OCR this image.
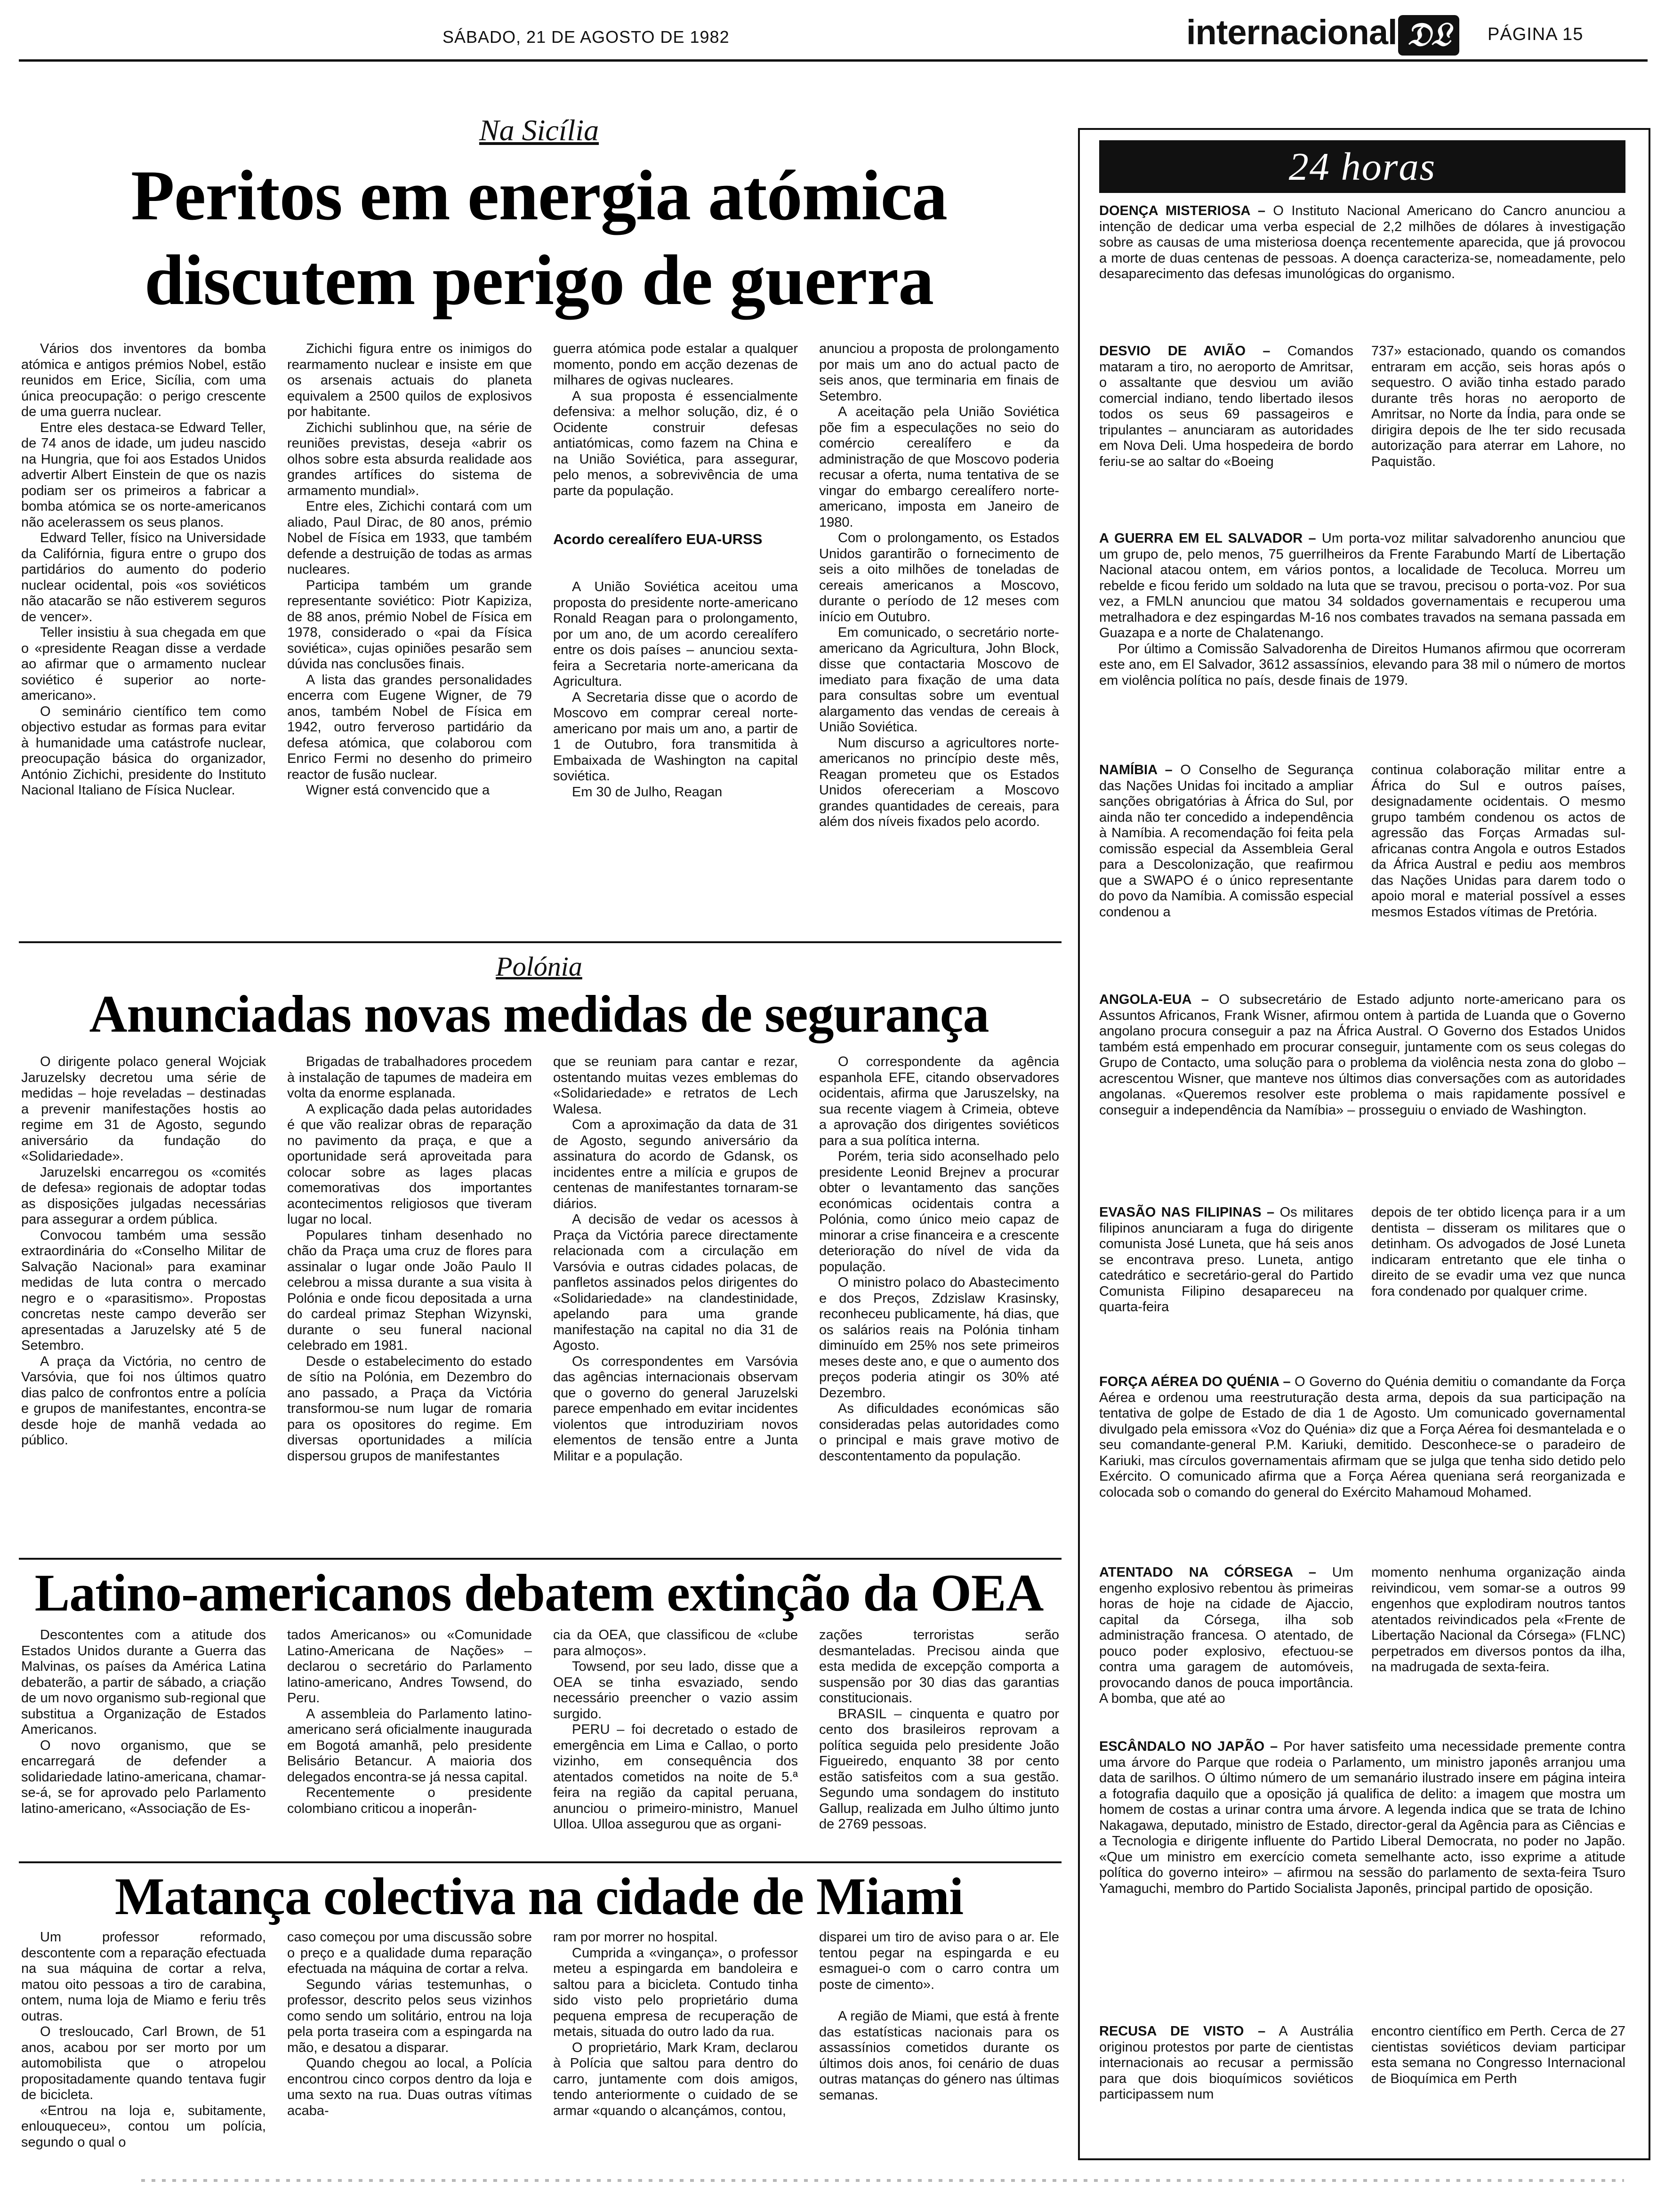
SÁBADO, 21 DE AGOSTO DE 1982	internacional 𝔇𝔏	PÁGINA 15
Na Sicília
Peritos em energia atómica
discutem perigo de guerra

Vários dos inventores da bomba atómica e antigos prémios Nobel, estão reunidos em Erice, Sicília, com uma única preocupação: o perigo crescente de uma guerra nuclear.

Entre eles destaca-se Edward Teller, de 74 anos de idade, um judeu nascido na Hungria, que foi aos Estados Unidos advertir Albert Einstein de que os nazis podiam ser os primeiros a fabricar a bomba atómica se os norte-americanos não acelerassem os seus planos.

Edward Teller, físico na Universidade da Califórnia, figura entre o grupo dos partidários do aumento do poderio nuclear ocidental, pois «os soviéticos não atacarão se não estiverem seguros de vencer».

Teller insistiu à sua chegada em que o «presidente Reagan disse a verdade ao afirmar que o armamento nuclear soviético é superior ao norte-americano».

O seminário científico tem como objectivo estudar as formas para evitar à humanidade uma catástrofe nuclear, preocupação básica do organizador, António Zichichi, presidente do Instituto Nacional Italiano de Física Nuclear.

Zichichi figura entre os inimigos do rearmamento nuclear e insiste em que os arsenais actuais do planeta equivalem a 2500 quilos de explosivos por habitante.

Zichichi sublinhou que, na série de reuniões previstas, deseja «abrir os olhos sobre esta absurda realidade aos grandes artífices do sistema de armamento mundial».

Entre eles, Zichichi contará com um aliado, Paul Dirac, de 80 anos, prémio Nobel de Física em 1933, que também defende a destruição de todas as armas nucleares.

Participa também um grande representante soviético: Piotr Kapiziza, de 88 anos, prémio Nobel de Física em 1978, considerado o «pai da Física soviética», cujas opiniões pesarão sem dúvida nas conclusões finais.

A lista das grandes personalidades encerra com Eugene Wigner, de 79 anos, também Nobel de Física em 1942, outro ferveroso partidário da defesa atómica, que colaborou com Enrico Fermi no desenho do primeiro reactor de fusão nuclear.

Wigner está convencido que a

guerra atómica pode estalar a qualquer momento, pondo em acção dezenas de milhares de ogivas nucleares.

A sua proposta é essencialmente defensiva: a melhor solução, diz, é o Ocidente construir defesas antiatómicas, como fazem na China e na União Soviética, para assegurar, pelo menos, a sobrevivência de uma parte da população.

Acordo cerealífero EUA-URSS

A União Soviética aceitou uma proposta do presidente norte-americano Ronald Reagan para o prolongamento, por um ano, de um acordo cerealífero entre os dois países – anunciou sexta-feira a Secretaria norte-americana da Agricultura.

A Secretaria disse que o acordo de Moscovo em comprar cereal norte-americano por mais um ano, a partir de 1 de Outubro, fora transmitida à Embaixada de Washington na capital soviética.

Em 30 de Julho, Reagan

anunciou a proposta de prolongamento por mais um ano do actual pacto de seis anos, que terminaria em finais de Setembro.

A aceitação pela União Soviética põe fim a especulações no seio do comércio cerealífero e da administração de que Moscovo poderia recusar a oferta, numa tentativa de se vingar do embargo cerealífero norte-americano, imposta em Janeiro de 1980.

Com o prolongamento, os Estados Unidos garantirão o fornecimento de seis a oito milhões de toneladas de cereais americanos a Moscovo, durante o período de 12 meses com início em Outubro.

Em comunicado, o secretário norte-americano da Agricultura, John Block, disse que contactaria Moscovo de imediato para fixação de uma data para consultas sobre um eventual alargamento das vendas de cereais à União Soviética.

Num discurso a agricultores norte-americanos no princípio deste mês, Reagan prometeu que os Estados Unidos ofereceriam a Moscovo grandes quantidades de cereais, para além dos níveis fixados pelo acordo.

Polónia
Anunciadas novas medidas de segurança

O dirigente polaco general Wojciak Jaruzelsky decretou uma série de medidas – hoje reveladas – destinadas a prevenir manifestações hostis ao regime em 31 de Agosto, segundo aniversário da fundação do «Solidariedade».

Jaruzelski encarregou os «comités de defesa» regionais de adoptar todas as disposições julgadas necessárias para assegurar a ordem pública.

Convocou também uma sessão extraordinária do «Conselho Militar de Salvação Nacional» para examinar medidas de luta contra o mercado negro e o «parasitismo». Propostas concretas neste campo deverão ser apresentadas a Jaruzelsky até 5 de Setembro.

A praça da Victória, no centro de Varsóvia, que foi nos últimos quatro dias palco de confrontos entre a polícia e grupos de manifestantes, encontra-se desde hoje de manhã vedada ao público.

Brigadas de trabalhadores procedem à instalação de tapumes de madeira em volta da enorme esplanada.

A explicação dada pelas autoridades é que vão realizar obras de reparação no pavimento da praça, e que a oportunidade será aproveitada para colocar sobre as lages placas comemorativas dos importantes acontecimentos religiosos que tiveram lugar no local.

Populares tinham desenhado no chão da Praça uma cruz de flores para assinalar o lugar onde João Paulo II celebrou a missa durante a sua visita à Polónia e onde ficou depositada a urna do cardeal primaz Stephan Wizynski, durante o seu funeral nacional celebrado em 1981.

Desde o estabelecimento do estado de sítio na Polónia, em Dezembro do ano passado, a Praça da Victória transformou-se num lugar de romaria para os opositores do regime. Em diversas oportunidades a milícia dispersou grupos de manifestantes

que se reuniam para cantar e rezar, ostentando muitas vezes emblemas do «Solidariedade» e retratos de Lech Walesa.

Com a aproximação da data de 31 de Agosto, segundo aniversário da assinatura do acordo de Gdansk, os incidentes entre a milícia e grupos de centenas de manifestantes tornaram-se diários.

A decisão de vedar os acessos à Praça da Victória parece directamente relacionada com a circulação em Varsóvia e outras cidades polacas, de panfletos assinados pelos dirigentes do «Solidariedade» na clandestinidade, apelando para uma grande manifestação na capital no dia 31 de Agosto.

Os correspondentes em Varsóvia das agências internacionais observam que o governo do general Jaruzelski parece empenhado em evitar incidentes violentos que introduziriam novos elementos de tensão entre a Junta Militar e a população.

O correspondente da agência espanhola EFE, citando observadores ocidentais, afirma que Jaruszelsky, na sua recente viagem à Crimeia, obteve a aprovação dos dirigentes soviéticos para a sua política interna.

Porém, teria sido aconselhado pelo presidente Leonid Brejnev a procurar obter o levantamento das sanções económicas ocidentais contra a Polónia, como único meio capaz de minorar a crise financeira e a crescente deterioração do nível de vida da população.

O ministro polaco do Abastecimento e dos Preços, Zdzislaw Krasinsky, reconheceu publicamente, há dias, que os salários reais na Polónia tinham diminuído em 25% nos sete primeiros meses deste ano, e que o aumento dos preços poderia atingir os 30% até Dezembro.

As dificuldades económicas são consideradas pelas autoridades como o principal e mais grave motivo de descontentamento da população.

Latino-americanos debatem extinção da OEA

Descontentes com a atitude dos Estados Unidos durante a Guerra das Malvinas, os países da América Latina debaterão, a partir de sábado, a criação de um novo organismo sub-regional que substitua a Organização de Estados Americanos.

O novo organismo, que se encarregará de defender a solidariedade latino-americana, chamar-se-á, se for aprovado pelo Parlamento latino-americano, «Associação de Es-

tados Americanos» ou «Comunidade Latino-Americana de Nações» – declarou o secretário do Parlamento latino-americano, Andres Towsend, do Peru.

A assembleia do Parlamento latino-americano será oficialmente inaugurada em Bogotá amanhã, pelo presidente Belisário Betancur. A maioria dos delegados encontra-se já nessa capital.

Recentemente o presidente colombiano criticou a inoperân-

cia da OEA, que classificou de «clube para almoços».

Towsend, por seu lado, disse que a OEA se tinha esvaziado, sendo necessário preencher o vazio assim surgido.

PERU – foi decretado o estado de emergência em Lima e Callao, o porto vizinho, em consequência dos atentados cometidos na noite de 5.ª feira na região da capital peruana, anunciou o primeiro-ministro, Manuel Ulloa. Ulloa assegurou que as organi-

zações terroristas serão desmanteladas. Precisou ainda que esta medida de excepção comporta a suspensão por 30 dias das garantias constitucionais.

BRASIL – cinquenta e quatro por cento dos brasileiros reprovam a política seguida pelo presidente João Figueiredo, enquanto 38 por cento estão satisfeitos com a sua gestão. Segundo uma sondagem do instituto Gallup, realizada em Julho último junto de 2769 pessoas.

Matança colectiva na cidade de Miami

Um professor reformado, descontente com a reparação efectuada na sua máquina de cortar a relva, matou oito pessoas a tiro de carabina, ontem, numa loja de Miamo e feriu três outras.

O tresloucado, Carl Brown, de 51 anos, acabou por ser morto por um automobilista que o atropelou propositadamente quando tentava fugir de bicicleta.

«Entrou na loja e, subitamente, enlouqueceu», contou um polícia, segundo o qual o

caso começou por uma discussão sobre o preço e a qualidade duma reparação efectuada na máquina de cortar a relva.

Segundo várias testemunhas, o professor, descrito pelos seus vizinhos como sendo um solitário, entrou na loja pela porta traseira com a espingarda na mão, e desatou a disparar.

Quando chegou ao local, a Polícia encontrou cinco corpos dentro da loja e uma sexto na rua. Duas outras vítimas acaba-

ram por morrer no hospital.

Cumprida a «vingança», o professor meteu a espingarda em bandoleira e saltou para a bicicleta. Contudo tinha sido visto pelo proprietário duma pequena empresa de recuperação de metais, situada do outro lado da rua.

O proprietário, Mark Kram, declarou à Polícia que saltou para dentro do carro, juntamente com dois amigos, tendo anteriormente o cuidado de se armar «quando o alcançámos, contou,

disparei um tiro de aviso para o ar. Ele tentou pegar na espingarda e eu esmaguei-o com o carro contra um poste de cimento».

A região de Miami, que está à frente das estatísticas nacionais para os assassínios cometidos durante os últimos dois anos, foi cenário de duas outras matanças do género nas últimas semanas.

24 horas

DOENÇA MISTERIOSA – O Instituto Nacional Americano do Cancro anunciou a intenção de dedicar uma verba especial de 2,2 milhões de dólares à investigação sobre as causas de uma misteriosa doença recentemente aparecida, que já provocou a morte de duas centenas de pessoas. A doença caracteriza-se, nomeadamente, pelo desaparecimento das defesas imunológicas do organismo.

DESVIO DE AVIÃO – Comandos mataram a tiro, no aeroporto de Amritsar, o assaltante que desviou um avião comercial indiano, tendo libertado ilesos todos os seus 69 passageiros e tripulantes – anunciaram as autoridades em Nova Deli. Uma hospedeira de bordo feriu-se ao saltar do «Boeing

737» estacionado, quando os comandos entraram em acção, seis horas após o sequestro. O avião tinha estado parado durante três horas no aeroporto de Amritsar, no Norte da Índia, para onde se dirigira depois de lhe ter sido recusada autorização para aterrar em Lahore, no Paquistão.

A GUERRA EM EL SALVADOR – Um porta-voz militar salvadorenho anunciou que um grupo de, pelo menos, 75 guerrilheiros da Frente Farabundo Martí de Libertação Nacional atacou ontem, em vários pontos, a localidade de Tecoluca. Morreu um rebelde e ficou ferido um soldado na luta que se travou, precisou o porta-voz. Por sua vez, a FMLN anunciou que matou 34 soldados governamentais e recuperou uma metralhadora e dez espingardas M-16 nos combates travados na semana passada em Guazapa e a norte de Chalatenango.

Por último a Comissão Salvadorenha de Direitos Humanos afirmou que ocorreram este ano, em El Salvador, 3612 assassínios, elevando para 38 mil o número de mortos em violência política no país, desde finais de 1979.

NAMÍBIA – O Conselho de Segurança das Nações Unidas foi incitado a ampliar sanções obrigatórias à África do Sul, por ainda não ter concedido a independência à Namíbia. A recomendação foi feita pela comissão especial da Assembleia Geral para a Descolonização, que reafirmou que a SWAPO é o único representante do povo da Namíbia. A comissão especial condenou a

continua colaboração militar entre a África do Sul e outros países, designadamente ocidentais. O mesmo grupo também condenou os actos de agressão das Forças Armadas sul-africanas contra Angola e outros Estados da África Austral e pediu aos membros das Nações Unidas para darem todo o apoio moral e material possível a esses mesmos Estados vítimas de Pretória.

ANGOLA-EUA – O subsecretário de Estado adjunto norte-americano para os Assuntos Africanos, Frank Wisner, afirmou ontem à partida de Luanda que o Governo angolano procura conseguir a paz na África Austral. O Governo dos Estados Unidos também está empenhado em procurar conseguir, juntamente com os seus colegas do Grupo de Contacto, uma solução para o problema da violência nesta zona do globo – acrescentou Wisner, que manteve nos últimos dias conversações com as autoridades angolanas. «Queremos resolver este problema o mais rapidamente possível e conseguir a independência da Namíbia» – prosseguiu o enviado de Washington.

EVASÃO NAS FILIPINAS – Os militares filipinos anunciaram a fuga do dirigente comunista José Luneta, que há seis anos se encontrava preso. Luneta, antigo catedrático e secretário-geral do Partido Comunista Filipino desapareceu na quarta-feira

depois de ter obtido licença para ir a um dentista – disseram os militares que o detinham. Os advogados de José Luneta indicaram entretanto que ele tinha o direito de se evadir uma vez que nunca fora condenado por qualquer crime.

FORÇA AÉREA DO QUÉNIA – O Governo do Quénia demitiu o comandante da Força Aérea e ordenou uma reestruturação desta arma, depois da sua participação na tentativa de golpe de Estado de dia 1 de Agosto. Um comunicado governamental divulgado pela emissora «Voz do Quénia» diz que a Força Aérea foi desmantelada e o seu comandante-general P.M. Kariuki, demitido. Desconhece-se o paradeiro de Kariuki, mas círculos governamentais afirmam que se julga que tenha sido detido pelo Exército. O comunicado afirma que a Força Aérea queniana será reorganizada e colocada sob o comando do general do Exército Mahamoud Mohamed.

ATENTADO NA CÓRSEGA – Um engenho explosivo rebentou às primeiras horas de hoje na cidade de Ajaccio, capital da Córsega, ilha sob administração francesa. O atentado, de pouco poder explosivo, efectuou-se contra uma garagem de automóveis, provocando danos de pouca importância. A bomba, que até ao

momento nenhuma organização ainda reivindicou, vem somar-se a outros 99 engenhos que explodiram noutros tantos atentados reivindicados pela «Frente de Libertação Nacional da Córsega» (FLNC) perpetrados em diversos pontos da ilha, na madrugada de sexta-feira.

ESCÂNDALO NO JAPÃO – Por haver satisfeito uma necessidade premente contra uma árvore do Parque que rodeia o Parlamento, um ministro japonês arranjou uma data de sarilhos. O último número de um semanário ilustrado insere em página inteira a fotografia daquilo que a oposição já qualifica de delito: a imagem que mostra um homem de costas a urinar contra uma árvore. A legenda indica que se trata de Ichino Nakagawa, deputado, ministro de Estado, director-geral da Agência para as Ciências e a Tecnologia e dirigente influente do Partido Liberal Democrata, no poder no Japão. «Que um ministro em exercício cometa semelhante acto, isso exprime a atitude política do governo inteiro» – afirmou na sessão do parlamento de sexta-feira Tsuro Yamaguchi, membro do Partido Socialista Japonês, principal partido de oposição.

RECUSA DE VISTO – A Austrália originou protestos por parte de cientistas internacionais ao recusar a permissão para que dois bioquímicos soviéticos participassem num

encontro científico em Perth. Cerca de 27 cientistas soviéticos deviam participar esta semana no Congresso Internacional de Bioquímica em Perth
